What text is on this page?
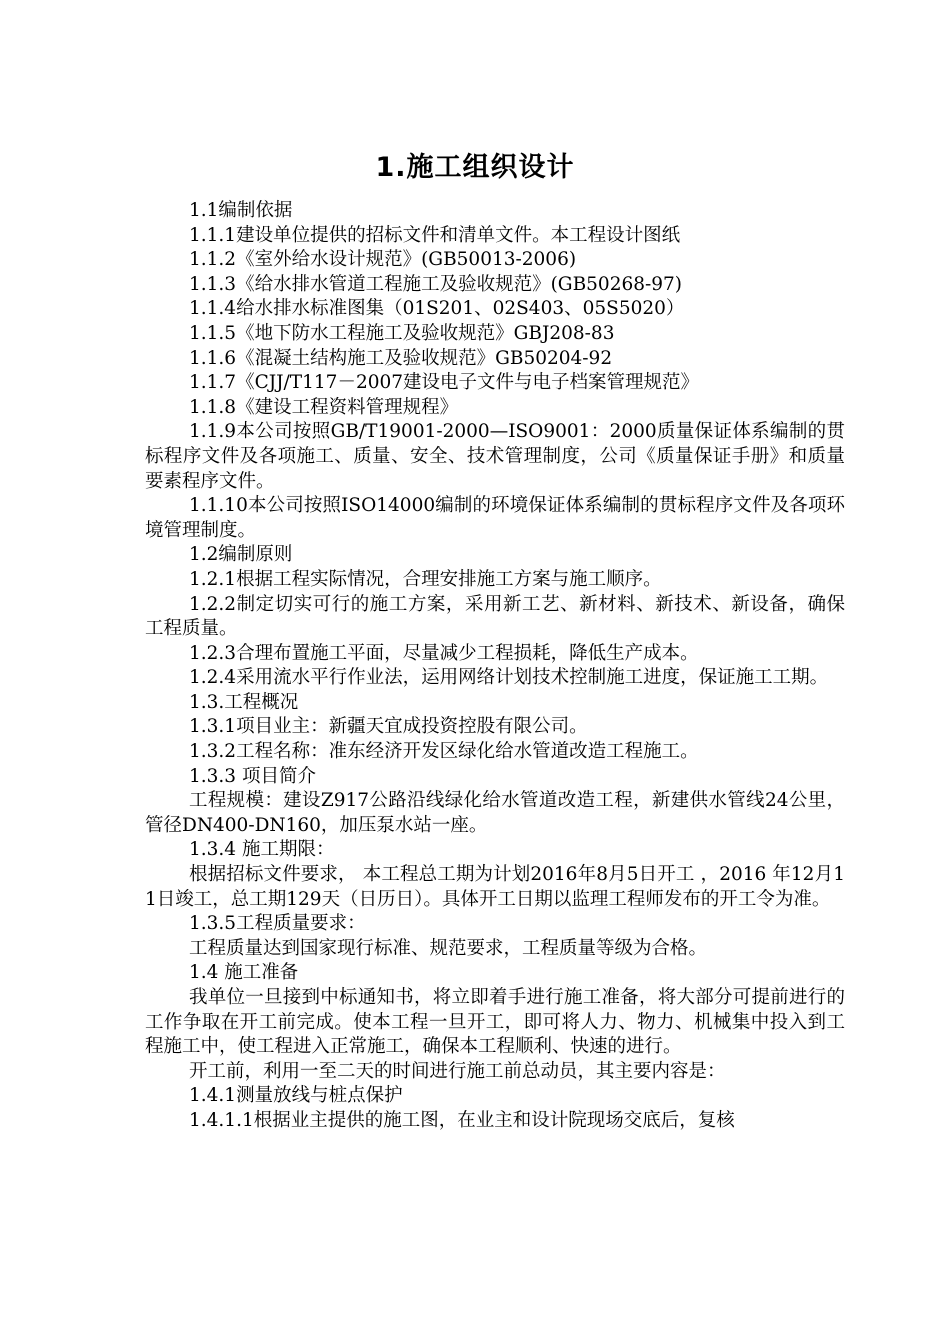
1.施工组织设计

1.1编制依据

1.1.1建设单位提供的招标文件和清单文件。本工程设计图纸

1.1.2《室外给水设计规范》(GB50013-2006)

1.1.3《给水排水管道工程施工及验收规范》(GB50268-97)

1.1.4给水排水标准图集（01S201、02S403、05S5020）

1.1.5《地下防水工程施工及验收规范》GBJ208-83

1.1.6《混凝土结构施工及验收规范》GB50204-92

1.1.7《CJJ/T117－2007建设电子文件与电子档案管理规范》

1.1.8《建设工程资料管理规程》

1.1.9本公司按照GB/T19001-2000—ISO9001：2000质量保证体系编制的贯标程序文件及各项施工、质量、安全、技术管理制度，公司《质量保证手册》和质量要素程序文件。

1.1.10本公司按照ISO14000编制的环境保证体系编制的贯标程序文件及各项环境管理制度。

1.2编制原则

1.2.1根据工程实际情况，合理安排施工方案与施工顺序。

1.2.2制定切实可行的施工方案，采用新工艺、新材料、新技术、新设备，确保工程质量。

1.2.3合理布置施工平面，尽量减少工程损耗，降低生产成本。

1.2.4采用流水平行作业法，运用网络计划技术控制施工进度，保证施工工期。

1.3.工程概况

1.3.1项目业主：新疆天宜成投资控股有限公司。

1.3.2工程名称：准东经济开发区绿化给水管道改造工程施工。

1.3.3 项目简介

工程规模：建设Z917公路沿线绿化给水管道改造工程，新建供水管线24公里，管径DN400-DN160，加压泵水站一座。

1.3.4 施工期限：

根据招标文件要求， 本工程总工期为计划2016年8月5日开工 ，2016 年12月11日竣工，总工期129天（日历日）。具体开工日期以监理工程师发布的开工令为准。

1.3.5工程质量要求：

工程质量达到国家现行标准、规范要求，工程质量等级为合格。

1.4 施工准备

我单位一旦接到中标通知书，将立即着手进行施工准备，将大部分可提前进行的工作争取在开工前完成。使本工程一旦开工，即可将人力、物力、机械集中投入到工程施工中，使工程进入正常施工，确保本工程顺利、快速的进行。

开工前，利用一至二天的时间进行施工前总动员，其主要内容是：

1.4.1测量放线与桩点保护

1.4.1.1根据业主提供的施工图，在业主和设计院现场交底后，复核
